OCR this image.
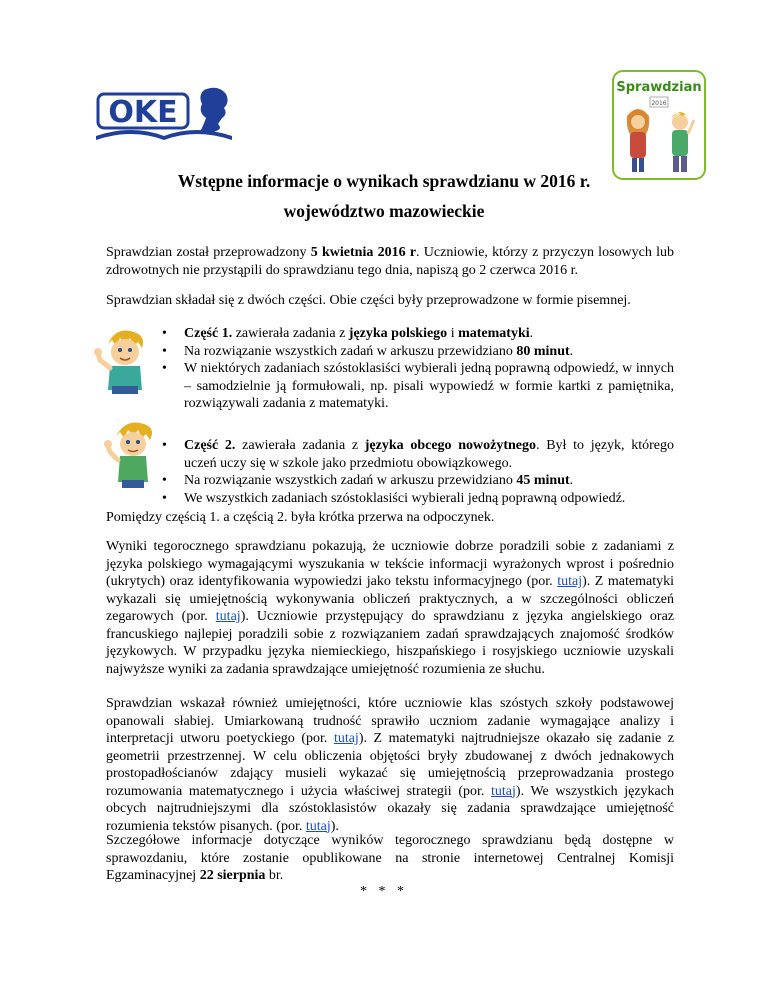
OKE
Sprawdzian
2016
Wstępne informacje o wynikach sprawdzianu w 2016 r.
województwo mazowieckie
Sprawdzian został przeprowadzony 5 kwietnia 2016 r. Uczniowie, którzy z przyczyn losowych lub zdrowotnych nie przystąpili do sprawdzianu tego dnia, napiszą go 2 czerwca 2016 r.
Sprawdzian składał się z dwóch części. Obie części były przeprowadzone w formie pisemnej.
• Część 1. zawierała zadania z języka polskiego i matematyki.
• Na rozwiązanie wszystkich zadań w arkuszu przewidziano 80 minut.
• W niektórych zadaniach szóstoklasiści wybierali jedną poprawną odpowiedź, w innych – samodzielnie ją formułowali, np. pisali wypowiedź w formie kartki z pamiętnika, rozwiązywali zadania z matematyki.
• Część 2. zawierała zadania z języka obcego nowożytnego. Był to język, którego uczeń uczy się w szkole jako przedmiotu obowiązkowego.
• Na rozwiązanie wszystkich zadań w arkuszu przewidziano 45 minut.
• We wszystkich zadaniach szóstoklasiści wybierali jedną poprawną odpowiedź.
Pomiędzy częścią 1. a częścią 2. była krótka przerwa na odpoczynek.
Wyniki tegorocznego sprawdzianu pokazują, że uczniowie dobrze poradzili sobie z zadaniami z języka polskiego wymagającymi wyszukania w tekście informacji wyrażonych wprost i pośrednio (ukrytych) oraz identyfikowania wypowiedzi jako tekstu informacyjnego (por. tutaj). Z matematyki wykazali się umiejętnością wykonywania obliczeń praktycznych, a w szczególności obliczeń zegarowych (por. tutaj). Uczniowie przystępujący do sprawdzianu z języka angielskiego oraz francuskiego najlepiej poradzili sobie z rozwiązaniem zadań sprawdzających znajomość środków językowych. W przypadku języka niemieckiego, hiszpańskiego i rosyjskiego uczniowie uzyskali najwyższe wyniki za zadania sprawdzające umiejętność rozumienia ze słuchu.
Sprawdzian wskazał również umiejętności, które uczniowie klas szóstych szkoły podstawowej opanowali słabiej. Umiarkowaną trudność sprawiło uczniom zadanie wymagające analizy i interpretacji utworu poetyckiego (por. tutaj). Z matematyki najtrudniejsze okazało się zadanie z geometrii przestrzennej. W celu obliczenia objętości bryły zbudowanej z dwóch jednakowych prostopadłościanów zdający musieli wykazać się umiejętnością przeprowadzania prostego rozumowania matematycznego i użycia właściwej strategii (por. tutaj). We wszystkich językach obcych najtrudniejszymi dla szóstoklasistów okazały się zadania sprawdzające umiejętność rozumienia tekstów pisanych. (por. tutaj).
Szczegółowe informacje dotyczące wyników tegorocznego sprawdzianu będą dostępne w sprawozdaniu, które zostanie opublikowane na stronie internetowej Centralnej Komisji Egzaminacyjnej 22 sierpnia br.
* * *
